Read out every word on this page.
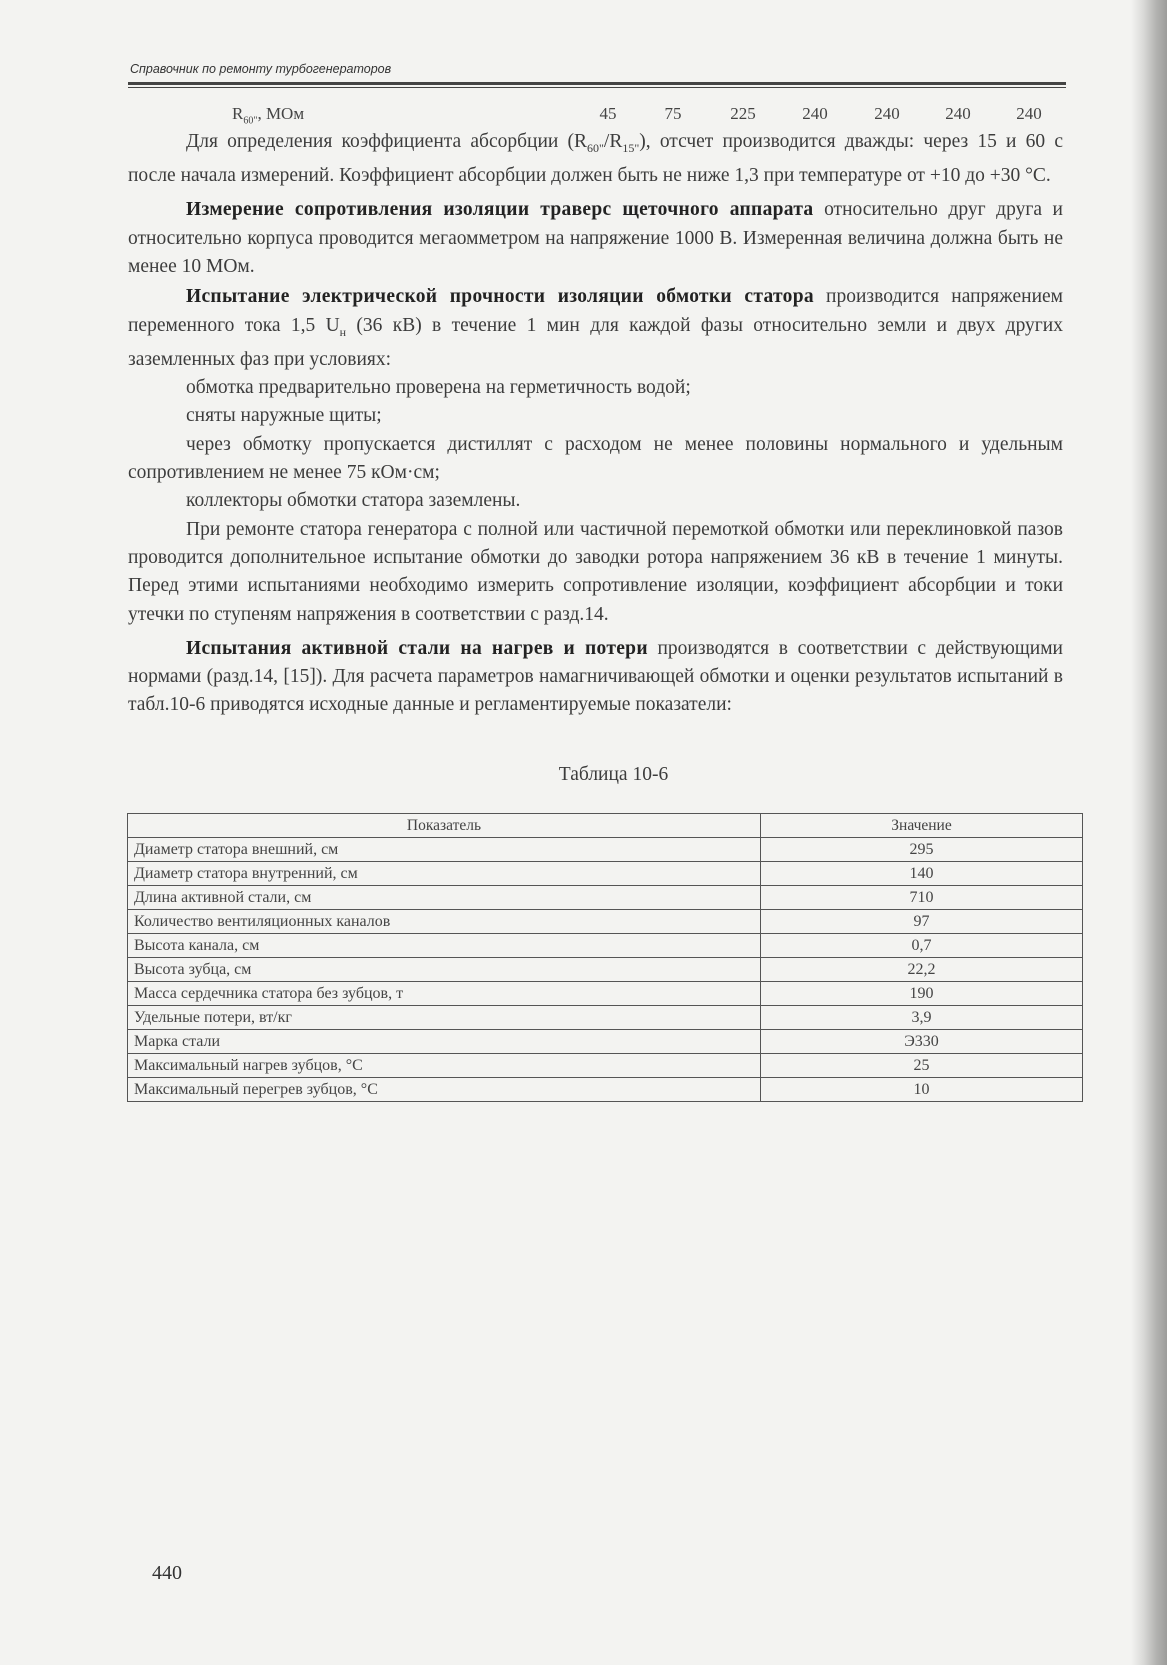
Справочник по ремонту турбогенераторов
$R_{60"}$, МОм	45	75	225	240	240	240	240

Для определения коэффициента абсорбции $(R_{60"}/R_{15"})$, отсчет производится дважды: через 15 и 60 с после начала измерений. Коэффициент абсорбции должен быть не ниже 1,3 при температуре от +10 до +30 °С.

Измерение сопротивления изоляции траверс щеточного аппарата относительно друг друга и относительно корпуса проводится мегаомметром на напряжение 1000 В. Измеренная величина должна быть не менее 10 МОм.

Испытание электрической прочности изоляции обмотки статора производится напряжением переменного тока 1,5 $U_н$ (36 кВ) в течение 1 мин для каждой фазы относительно земли и двух других заземленных фаз при условиях:

обмотка предварительно проверена на герметичность водой;

сняты наружные щиты;

через обмотку пропускается дистиллят с расходом не менее половины нормального и удельным сопротивлением не менее 75 кОм·см;

коллекторы обмотки статора заземлены.

При ремонте статора генератора с полной или частичной перемоткой обмотки или переклиновкой пазов проводится дополнительное испытание обмотки до заводки ротора напряжением 36 кВ в течение 1 минуты. Перед этими испытаниями необходимо измерить сопротивление изоляции, коэффициент абсорбции и токи утечки по ступеням напряжения в соответствии с разд.14.

Испытания активной стали на нагрев и потери производятся в соответствии с действующими нормами (разд.14, [15]). Для расчета параметров намагничивающей обмотки и оценки результатов испытаний в табл.10-6 приводятся исходные данные и регламентируемые показатели:

Таблица 10-6
Показатель	Значение
Диаметр статора внешний, см	295
Диаметр статора внутренний, см	140
Длина активной стали, см	710
Количество вентиляционных каналов	97
Высота канала, см	0,7
Высота зубца, см	22,2
Масса сердечника статора без зубцов, т	190
Удельные потери, вт/кг	3,9
Марка стали	Э330
Максимальный нагрев зубцов, °С	25
Максимальный перегрев зубцов, °С	10
440
